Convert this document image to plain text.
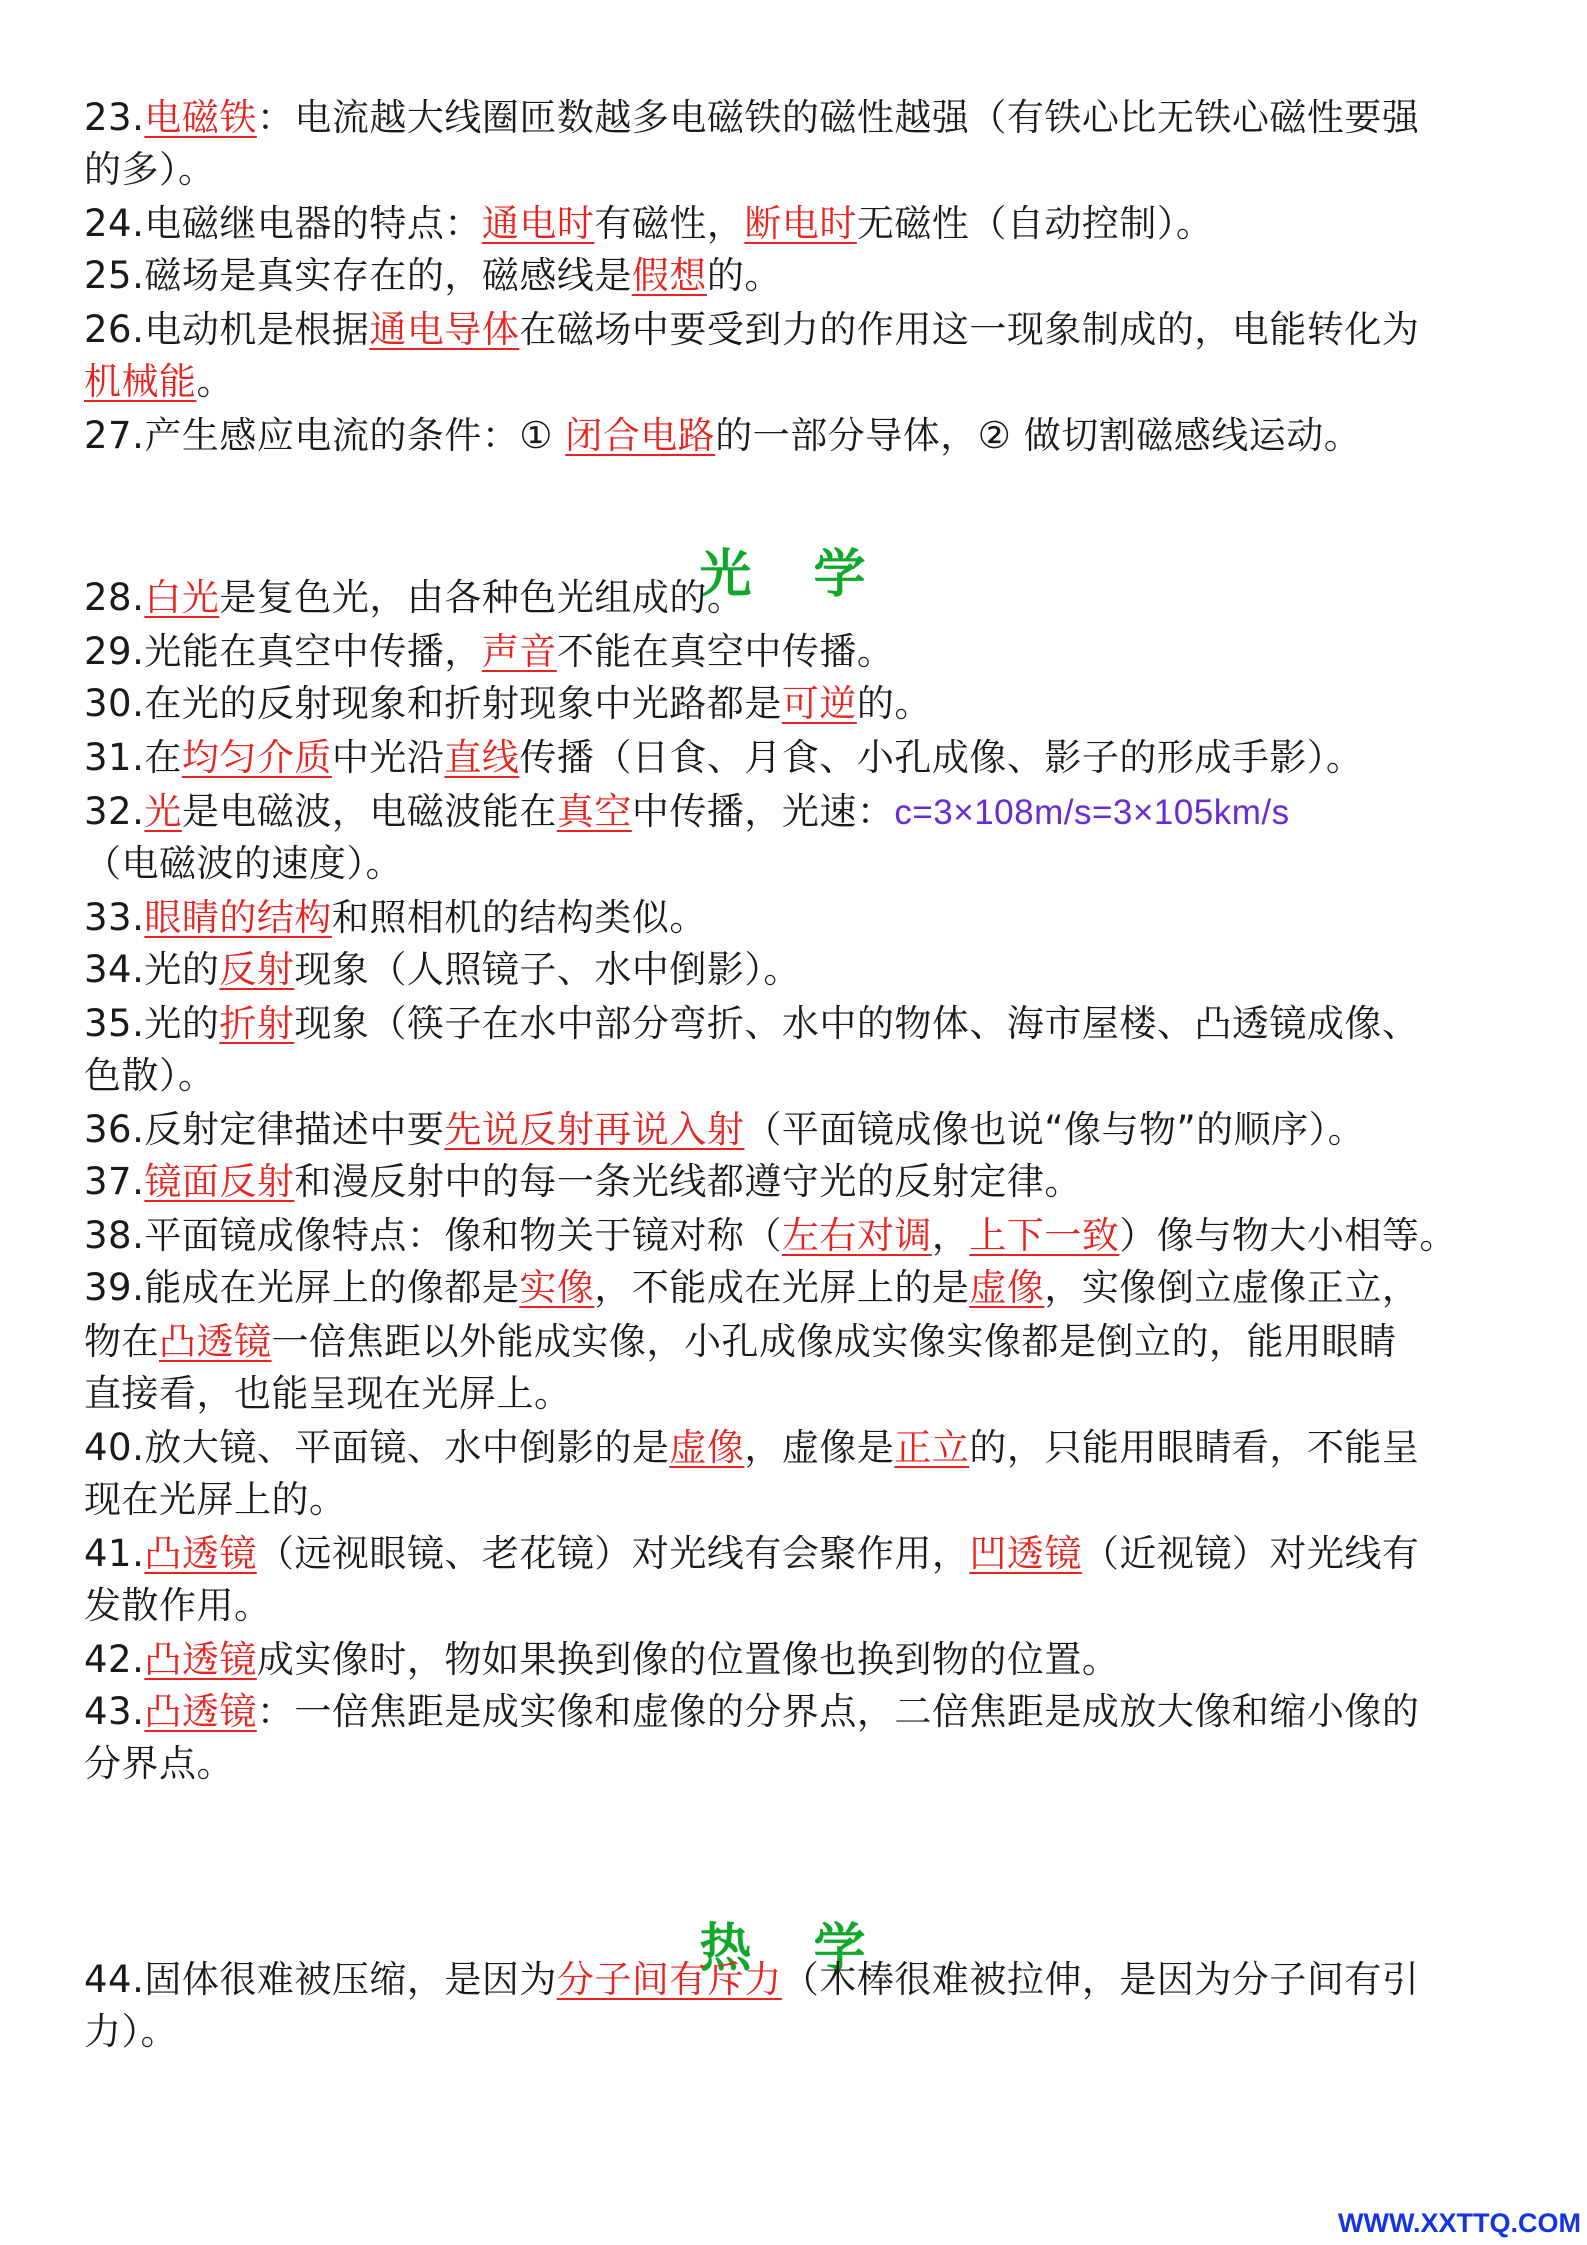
光 学
热 学
WWW.XXTTQ.COM
23.电磁铁：电流越大线圈匝数越多电磁铁的磁性越强（有铁心比无铁心磁性要强
的多）。
24.电磁继电器的特点：通电时有磁性，断电时无磁性（自动控制）。
25.磁场是真实存在的，磁感线是假想的。
26.电动机是根据通电导体在磁场中要受到力的作用这一现象制成的，电能转化为
机械能。
27.产生感应电流的条件：① 闭合电路的一部分导体，② 做切割磁感线运动。
28.白光是复色光，由各种色光组成的。
29.光能在真空中传播，声音不能在真空中传播。
30.在光的反射现象和折射现象中光路都是可逆的。
31.在均匀介质中光沿直线传播（日食、月食、小孔成像、影子的形成手影）。
32.光是电磁波，电磁波能在真空中传播，光速：c=3×108m/s=3×105km/s
（电磁波的速度）。
33.眼睛的结构和照相机的结构类似。
34.光的反射现象（人照镜子、水中倒影）。
35.光的折射现象（筷子在水中部分弯折、水中的物体、海市屋楼、凸透镜成像、
色散）。
36.反射定律描述中要先说反射再说入射（平面镜成像也说“像与物”的顺序）。
37.镜面反射和漫反射中的每一条光线都遵守光的反射定律。
38.平面镜成像特点：像和物关于镜对称（左右对调，上下一致）像与物大小相等。
39.能成在光屏上的像都是实像，不能成在光屏上的是虚像，实像倒立虚像正立，
物在凸透镜一倍焦距以外能成实像，小孔成像成实像实像都是倒立的，能用眼睛
直接看，也能呈现在光屏上。
40.放大镜、平面镜、水中倒影的是虚像，虚像是正立的，只能用眼睛看，不能呈
现在光屏上的。
41.凸透镜（远视眼镜、老花镜）对光线有会聚作用，凹透镜（近视镜）对光线有
发散作用。
42.凸透镜成实像时，物如果换到像的位置像也换到物的位置。
43.凸透镜：一倍焦距是成实像和虚像的分界点，二倍焦距是成放大像和缩小像的
分界点。
44.固体很难被压缩，是因为分子间有斥力（木棒很难被拉伸，是因为分子间有引
力）。
